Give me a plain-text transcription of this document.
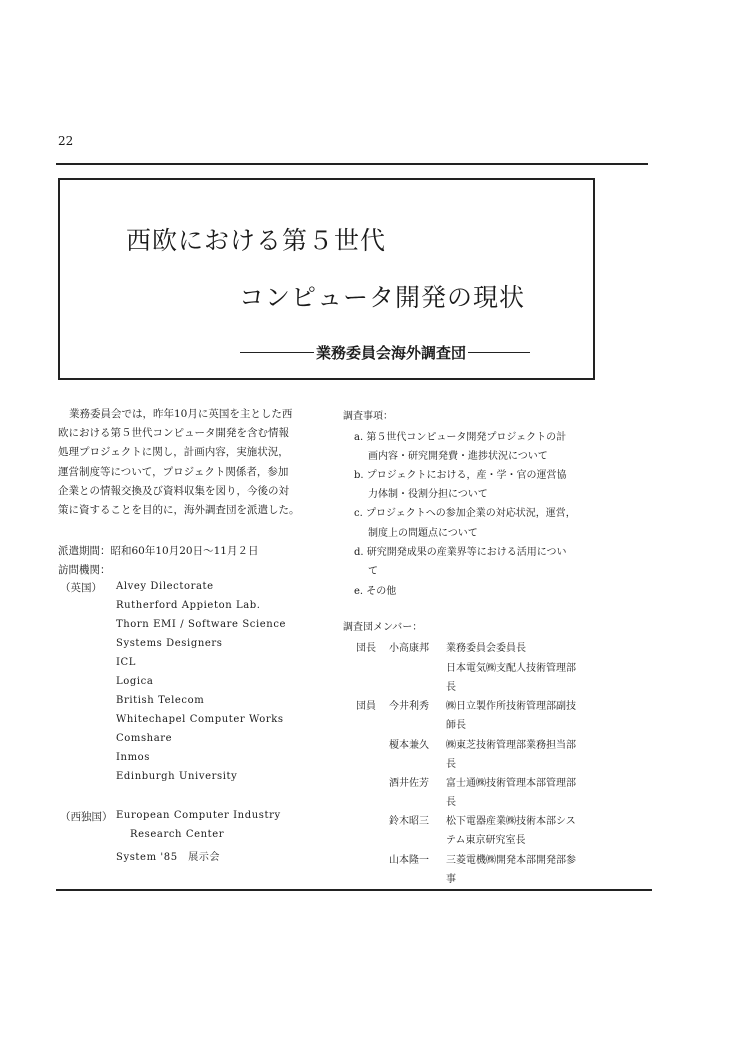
22
西欧における第５世代
コンピュータ開発の現状
業務委員会海外調査団
業務委員会では，昨年10月に英国を主とした西
欧における第５世代コンピュータ開発を含む情報
処理プロジェクトに関し，計画内容，実施状況，
運営制度等について，プロジェクト関係者，参加
企業との情報交換及び資料収集を図り，今後の対
策に資することを目的に，海外調査団を派遣した。
派遣期間：昭和60年10月20日～11月２日
訪問機関：
（英国） Alvey Dilectorate
Rutherford Appieton Lab.
Thorn EMI / Software Science
Systems Designers
ICL
Logica
British Telecom
Whitechapel Computer Works
Comshare
Inmos
Edinburgh University
（西独国） European Computer Industry
Research Center
System '85　展示会
調査事項：
a. 第５世代コンピュータ開発プロジェクトの計
画内容・研究開発費・進捗状況について
b. プロジェクトにおける，産・学・官の運営協
力体制・役割分担について
c. プロジェクトへの参加企業の対応状況，運営，
制度上の問題点について
d. 研究開発成果の産業界等における活用につい
て
e. その他
調査団メンバー：
団長 小高康邦 業務委員会委員長
日本電気㈱支配人技術管理部
長
団員 今井利秀 ㈱日立製作所技術管理部副技
師長
榎本兼久 ㈱東芝技術管理部業務担当部
長
酒井佐芳 富士通㈱技術管理本部管理部
長
鈴木昭三 松下電器産業㈱技術本部シス
テム東京研究室長
山本隆一 三菱電機㈱開発本部開発部参
事
